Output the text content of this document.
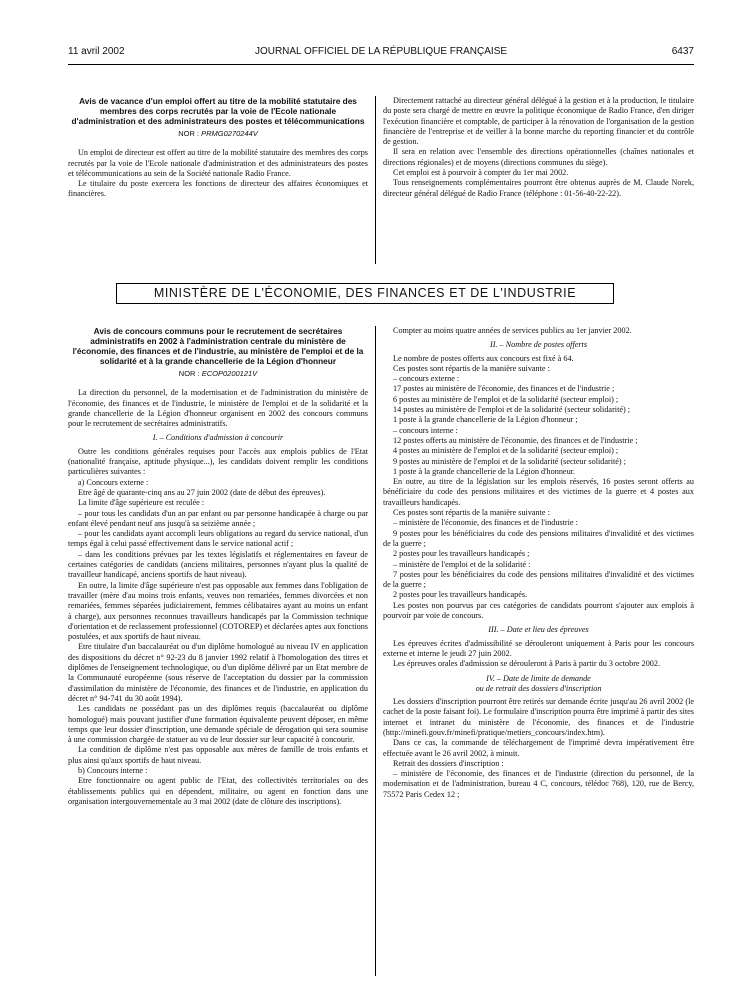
11 avril 2002	JOURNAL OFFICIEL DE LA RÉPUBLIQUE FRANÇAISE	6437
Avis de vacance d'un emploi offert au titre de la mobilité statutaire des membres des corps recrutés par la voie de l'Ecole nationale d'administration et des administrateurs des postes et télécommunications
NOR : PRMG0270244V

Un emploi de directeur est offert au titre de la mobilité statutaire des membres des corps recrutés par la voie de l'Ecole nationale d'administration et des administrateurs des postes et télécommunications au sein de la Société nationale Radio France.

Le titulaire du poste exercera les fonctions de directeur des affaires économiques et financières.

Directement rattaché au directeur général délégué à la gestion et à la production, le titulaire du poste sera chargé de mettre en œuvre la politique économique de Radio France, d'en diriger l'exécution financière et comptable, de participer à la rénovation de l'organisation de la gestion financière de l'entreprise et de veiller à la bonne marche du reporting financier et du contrôle de gestion.

Il sera en relation avec l'ensemble des directions opérationnelles (chaînes nationales et directions régionales) et de moyens (directions communes du siège).

Cet emploi est à pourvoir à compter du 1er mai 2002.

Tous renseignements complémentaires pourront être obtenus auprès de M. Claude Norek, directeur général délégué de Radio France (téléphone : 01-56-40-22-22).

MINISTÈRE DE L'ÉCONOMIE, DES FINANCES ET DE L'INDUSTRIE
Avis de concours communs pour le recrutement de secrétaires administratifs en 2002 à l'administration centrale du ministère de l'économie, des finances et de l'industrie, au ministère de l'emploi et de la solidarité et à la grande chancellerie de la Légion d'honneur
NOR : ECOP0200121V

La direction du personnel, de la modernisation et de l'administration du ministère de l'économie, des finances et de l'industrie, le ministère de l'emploi et de la solidarité et la grande chancellerie de la Légion d'honneur organisent en 2002 des concours communs pour le recrutement de secrétaires administratifs.

I. – Conditions d'admission à concourir

Outre les conditions générales requises pour l'accès aux emplois publics de l'Etat (nationalité française, aptitude physique...), les candidats doivent remplir les conditions particulières suivantes :

a) Concours externe :

Etre âgé de quarante-cinq ans au 27 juin 2002 (date de début des épreuves).

La limite d'âge supérieure est reculée :

– pour tous les candidats d'un an par enfant ou par personne handicapée à charge ou par enfant élevé pendant neuf ans jusqu'à sa seizième année ;

– pour les candidats ayant accompli leurs obligations au regard du service national, d'un temps égal à celui passé effectivement dans le service national actif ;

– dans les conditions prévues par les textes législatifs et réglementaires en faveur de certaines catégories de candidats (anciens militaires, personnes n'ayant plus la qualité de travailleur handicapé, anciens sportifs de haut niveau).

En outre, la limite d'âge supérieure n'est pas opposable aux femmes dans l'obligation de travailler (mère d'au moins trois enfants, veuves non remariées, femmes divorcées et non remariées, femmes séparées judiciairement, femmes célibataires ayant au moins un enfant à charge), aux personnes reconnues travailleurs handicapés par la Commission technique d'orientation et de reclassement professionnel (COTOREP) et déclarées aptes aux fonctions postulées, et aux sportifs de haut niveau.

Etre titulaire d'un baccalauréat ou d'un diplôme homologué au niveau IV en application des dispositions du décret n° 92-23 du 8 janvier 1992 relatif à l'homologation des titres et diplômes de l'enseignement technologique, ou d'un diplôme délivré par un Etat membre de la Communauté européenne (sous réserve de l'acceptation du dossier par la commission d'assimilation du ministère de l'économie, des finances et de l'industrie, en application du décret n° 94-741 du 30 août 1994).

Les candidats ne possédant pas un des diplômes requis (baccalauréat ou diplôme homologué) mais pouvant justifier d'une formation équivalente peuvent déposer, en même temps que leur dossier d'inscription, une demande spéciale de dérogation qui sera soumise à une commission chargée de statuer au vu de leur dossier sur leur capacité à concourir.

La condition de diplôme n'est pas opposable aux mères de famille de trois enfants et plus ainsi qu'aux sportifs de haut niveau.

b) Concours interne :

Etre fonctionnaire ou agent public de l'Etat, des collectivités territoriales ou des établissements publics qui en dépendent, militaire, ou agent en fonction dans une organisation intergouvernementale au 3 mai 2002 (date de clôture des inscriptions).

Compter au moins quatre années de services publics au 1er janvier 2002.

II. – Nombre de postes offerts

Le nombre de postes offerts aux concours est fixé à 64.

Ces postes sont répartis de la manière suivante :

– concours externe :

17 postes au ministère de l'économie, des finances et de l'industrie ;

6 postes au ministère de l'emploi et de la solidarité (secteur emploi) ;

14 postes au ministère de l'emploi et de la solidarité (secteur solidarité) ;

1 poste à la grande chancellerie de la Légion d'honneur ;

– concours interne :

12 postes offerts au ministère de l'économie, des finances et de l'industrie ;

4 postes au ministère de l'emploi et de la solidarité (secteur emploi) ;

9 postes au ministère de l'emploi et de la solidarité (secteur solidarité) ;

1 poste à la grande chancellerie de la Légion d'honneur.

En outre, au titre de la législation sur les emplois réservés, 16 postes seront offerts au bénéficiaire du code des pensions militaires et des victimes de la guerre et 4 postes aux travailleurs handicapés.

Ces postes sont répartis de la manière suivante :

– ministère de l'économie, des finances et de l'industrie :

9 postes pour les bénéficiaires du code des pensions militaires d'invalidité et des victimes de la guerre ;

2 postes pour les travailleurs handicapés ;

– ministère de l'emploi et de la solidarité :

7 postes pour les bénéficiaires du code des pensions militaires d'invalidité et des victimes de la guerre ;

2 postes pour les travailleurs handicapés.

Les postes non pourvus par ces catégories de candidats pourront s'ajouter aux emplois à pourvoir par voie de concours.

III. – Date et lieu des épreuves

Les épreuves écrites d'admissibilité se dérouleront uniquement à Paris pour les concours externe et interne le jeudi 27 juin 2002.

Les épreuves orales d'admission se dérouleront à Paris à partir du 3 octobre 2002.

IV. – Date de limite de demande
ou de retrait des dossiers d'inscription

Les dossiers d'inscription pourront être retirés sur demande écrite jusqu'au 26 avril 2002 (le cachet de la poste faisant foi). Le formulaire d'inscription pourra être imprimé à partir des sites internet et intranet du ministère de l'économie, des finances et de l'industrie (http://minefi.gouv.fr/minefi/pratique/metiers_concours/index.htm).

Dans ce cas, la commande de téléchargement de l'imprimé devra impérativement être effectuée avant le 26 avril 2002, à minuit.

Retrait des dossiers d'inscription :

– ministère de l'économie, des finances et de l'industrie (direction du personnel, de la modernisation et de l'administration, bureau 4 C, concours, télédoc 768), 120, rue de Bercy, 75572 Paris Cedex 12 ;
